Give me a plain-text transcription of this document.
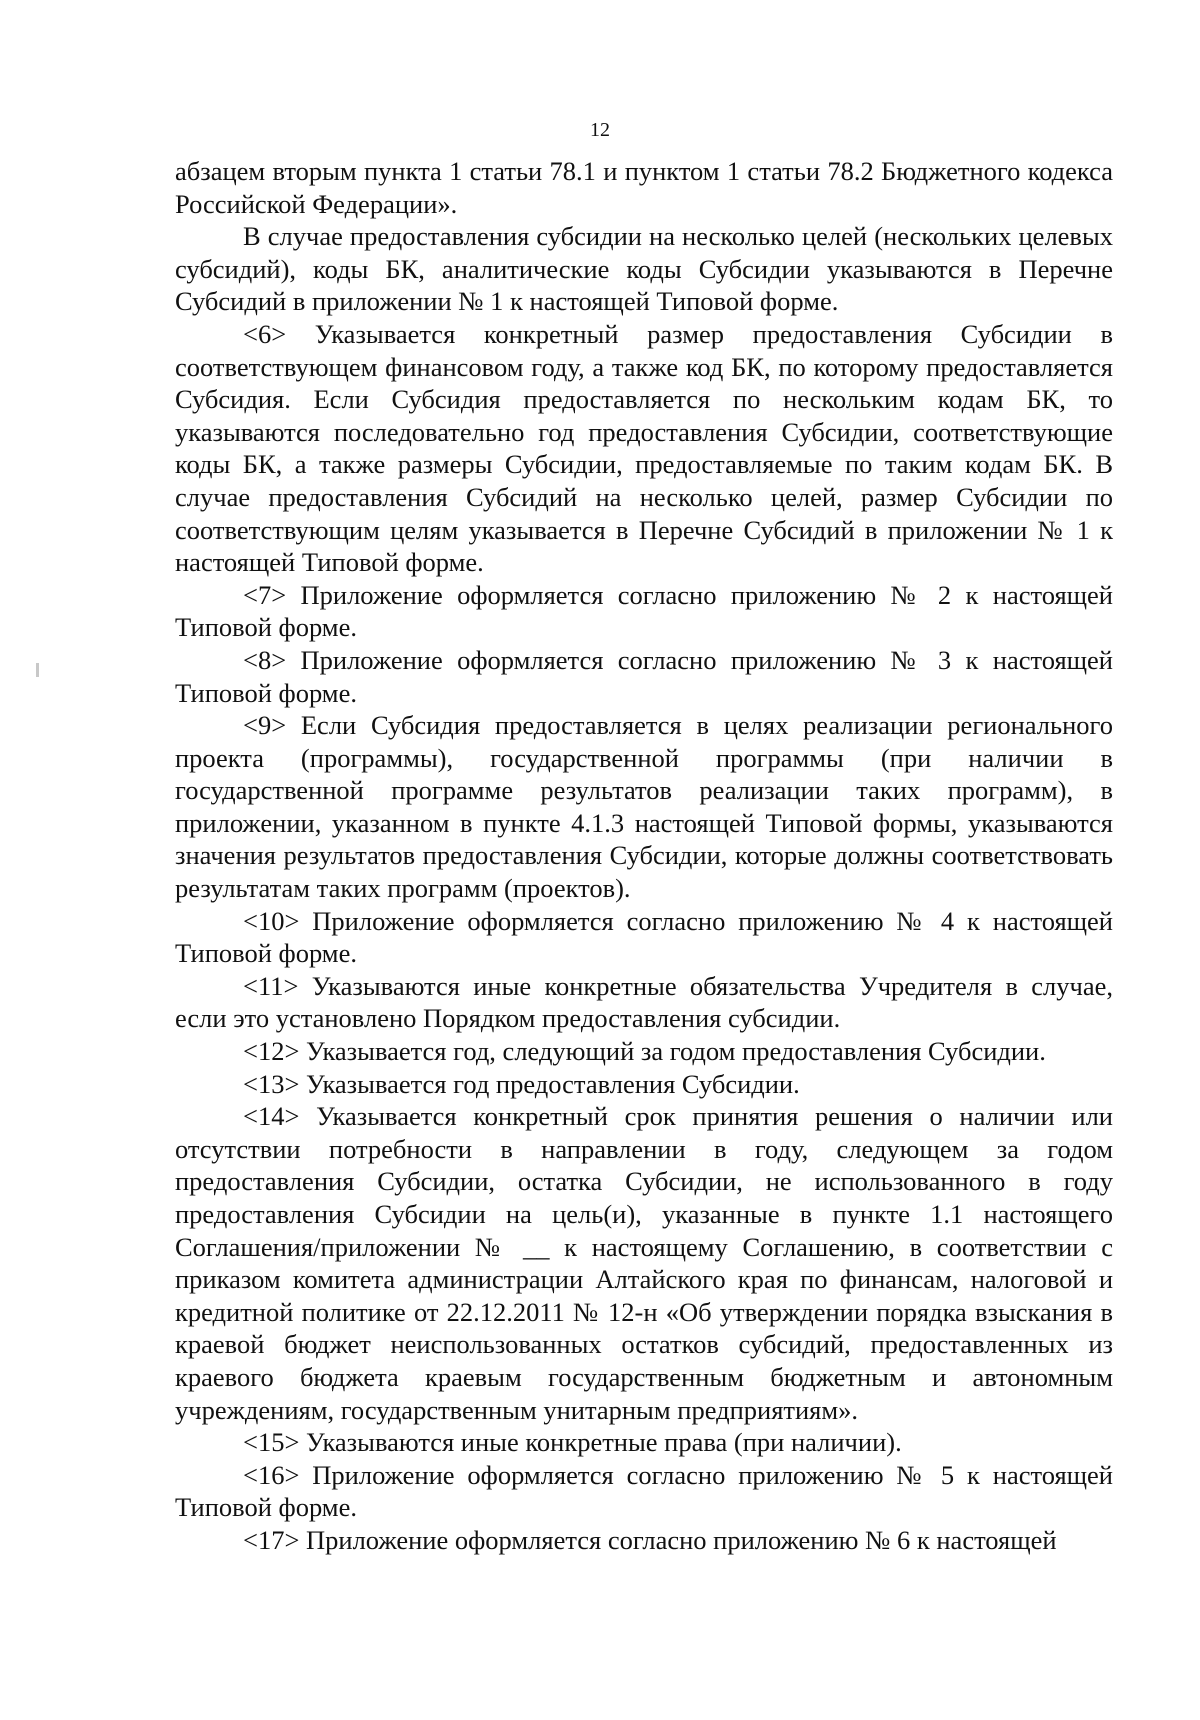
12

абзацем вторым пункта 1 статьи 78.1 и пунктом 1 статьи 78.2 Бюджетного кодекса Российской Федерации».

В случае предоставления субсидии на несколько целей (нескольких целевых субсидий), коды БК, аналитические коды Субсидии указываются в Перечне Субсидий в приложении № 1 к настоящей Типовой форме.

<6> Указывается конкретный размер предоставления Субсидии в соответствующем финансовом году, а также код БК, по которому предоставляется Субсидия. Если Субсидия предоставляется по нескольким кодам БК, то указываются последовательно год предоставления Субсидии, соответствующие коды БК, а также размеры Субсидии, предоставляемые по таким кодам БК. В случае предоставления Субсидий на несколько целей, размер Субсидии по соответствующим целям указывается в Перечне Субсидий в приложении № 1 к настоящей Типовой форме.

<7> Приложение оформляется согласно приложению № 2 к настоящей Типовой форме.

<8> Приложение оформляется согласно приложению № 3 к настоящей Типовой форме.

<9> Если Субсидия предоставляется в целях реализации регионального проекта (программы), государственной программы (при наличии в государственной программе результатов реализации таких программ), в приложении, указанном в пункте 4.1.3 настоящей Типовой формы, указываются значения результатов предоставления Субсидии, которые должны соответствовать результатам таких программ (проектов).

<10> Приложение оформляется согласно приложению № 4 к настоящей Типовой форме.

<11> Указываются иные конкретные обязательства Учредителя в случае, если это установлено Порядком предоставления субсидии.

<12> Указывается год, следующий за годом предоставления Субсидии.

<13> Указывается год предоставления Субсидии.

<14> Указывается конкретный срок принятия решения о наличии или отсутствии потребности в направлении в году, следующем за годом предоставления Субсидии, остатка Субсидии, не использованного в году предоставления Субсидии на цель(и), указанные в пункте 1.1 настоящего Соглашения/приложении № __ к настоящему Соглашению, в соответствии с приказом комитета администрации Алтайского края по финансам, налоговой и кредитной политике от 22.12.2011 № 12-н «Об утверждении порядка взыскания в краевой бюджет неиспользованных остатков субсидий, предоставленных из краевого бюджета краевым государственным бюджетным и автономным учреждениям, государственным унитарным предприятиям».

<15> Указываются иные конкретные права (при наличии).

<16> Приложение оформляется согласно приложению № 5 к настоящей Типовой форме.

<17> Приложение оформляется согласно приложению № 6 к настоящей
